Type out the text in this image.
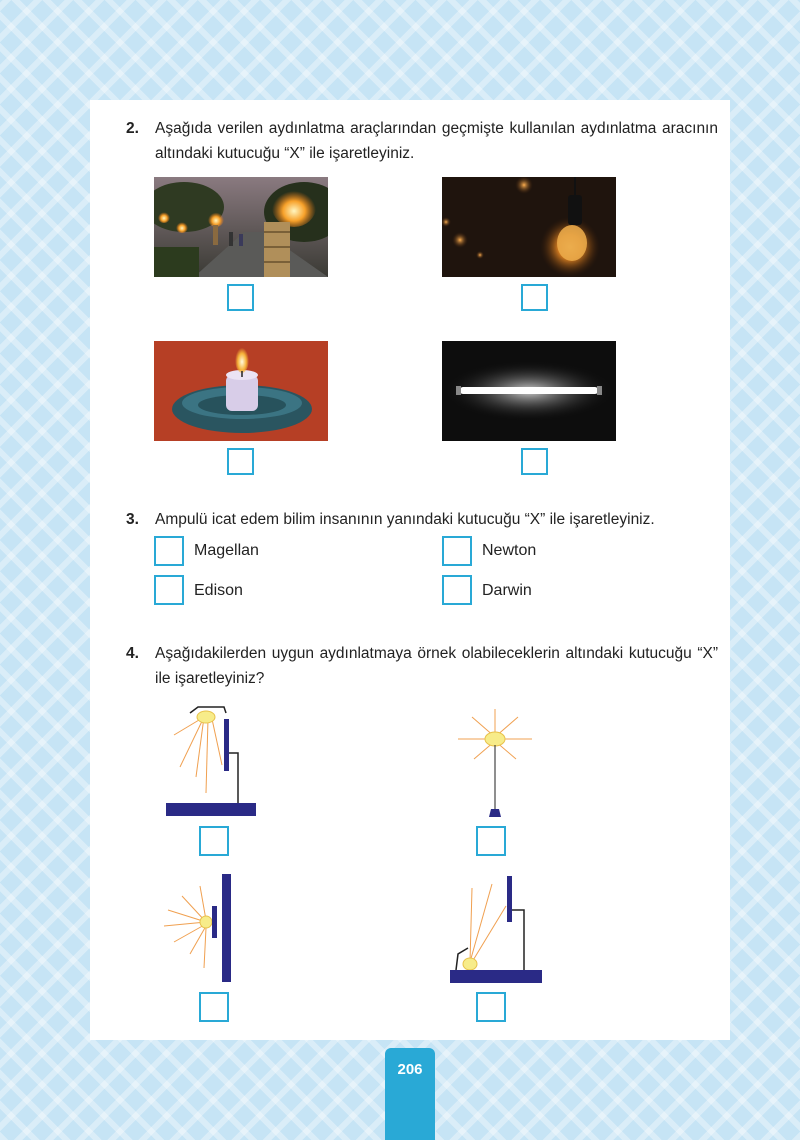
2.	Aşağıda verilen aydınlatma araçlarından geçmişte kullanılan aydınlatma aracının altındaki kutucuğu “X” ile işaretleyiniz.
3.	Ampulü icat edem bilim insanının yanındaki kutucuğu “X” ile işaretleyiniz.
Magellan	Newton
Edison	Darwin
4.	Aşağıdakilerden uygun aydınlatmaya örnek olabileceklerin altındaki kutucuğu “X” ile işaretleyiniz?
206
